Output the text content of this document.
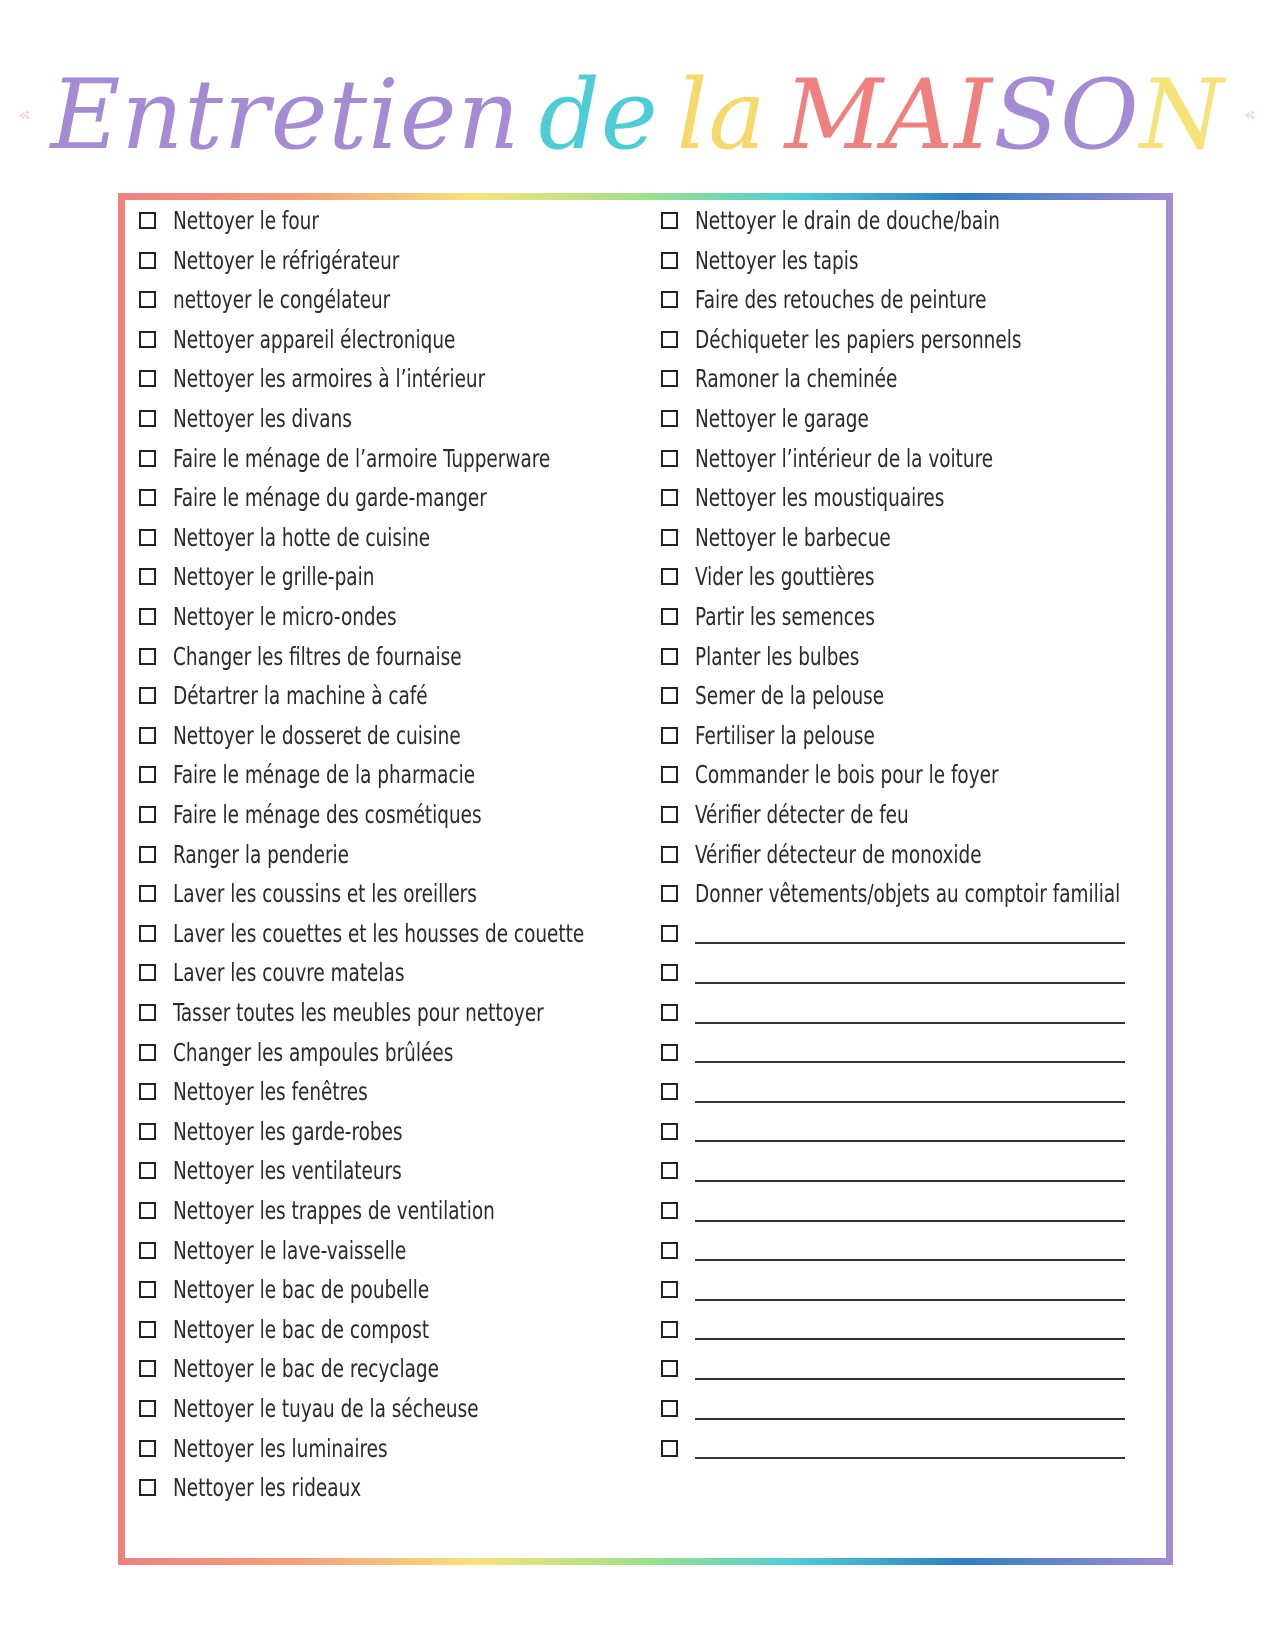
EntretiendelaMAISON
Nettoyer le four
Nettoyer le réfrigérateur
nettoyer le congélateur
Nettoyer appareil électronique
Nettoyer les armoires à l’intérieur
Nettoyer les divans
Faire le ménage de l’armoire Tupperware
Faire le ménage du garde-manger
Nettoyer la hotte de cuisine
Nettoyer le grille-pain
Nettoyer le micro-ondes
Changer les filtres de fournaise
Détartrer la machine à café
Nettoyer le dosseret de cuisine
Faire le ménage de la pharmacie
Faire le ménage des cosmétiques
Ranger la penderie
Laver les coussins et les oreillers
Laver les couettes et les housses de couette
Laver les couvre matelas
Tasser toutes les meubles pour nettoyer
Changer les ampoules brûlées
Nettoyer les fenêtres
Nettoyer les garde-robes
Nettoyer les ventilateurs
Nettoyer les trappes de ventilation
Nettoyer le lave-vaisselle
Nettoyer le bac de poubelle
Nettoyer le bac de compost
Nettoyer le bac de recyclage
Nettoyer le tuyau de la sécheuse
Nettoyer les luminaires
Nettoyer les rideaux
Nettoyer le drain de douche/bain
Nettoyer les tapis
Faire des retouches de peinture
Déchiqueter les papiers personnels
Ramoner la cheminée
Nettoyer le garage
Nettoyer l’intérieur de la voiture
Nettoyer les moustiquaires
Nettoyer le barbecue
Vider les gouttières
Partir les semences
Planter les bulbes
Semer de la pelouse
Fertiliser la pelouse
Commander le bois pour le foyer
Vérifier détecter de feu
Vérifier détecteur de monoxide
Donner vêtements/objets au comptoir familial
